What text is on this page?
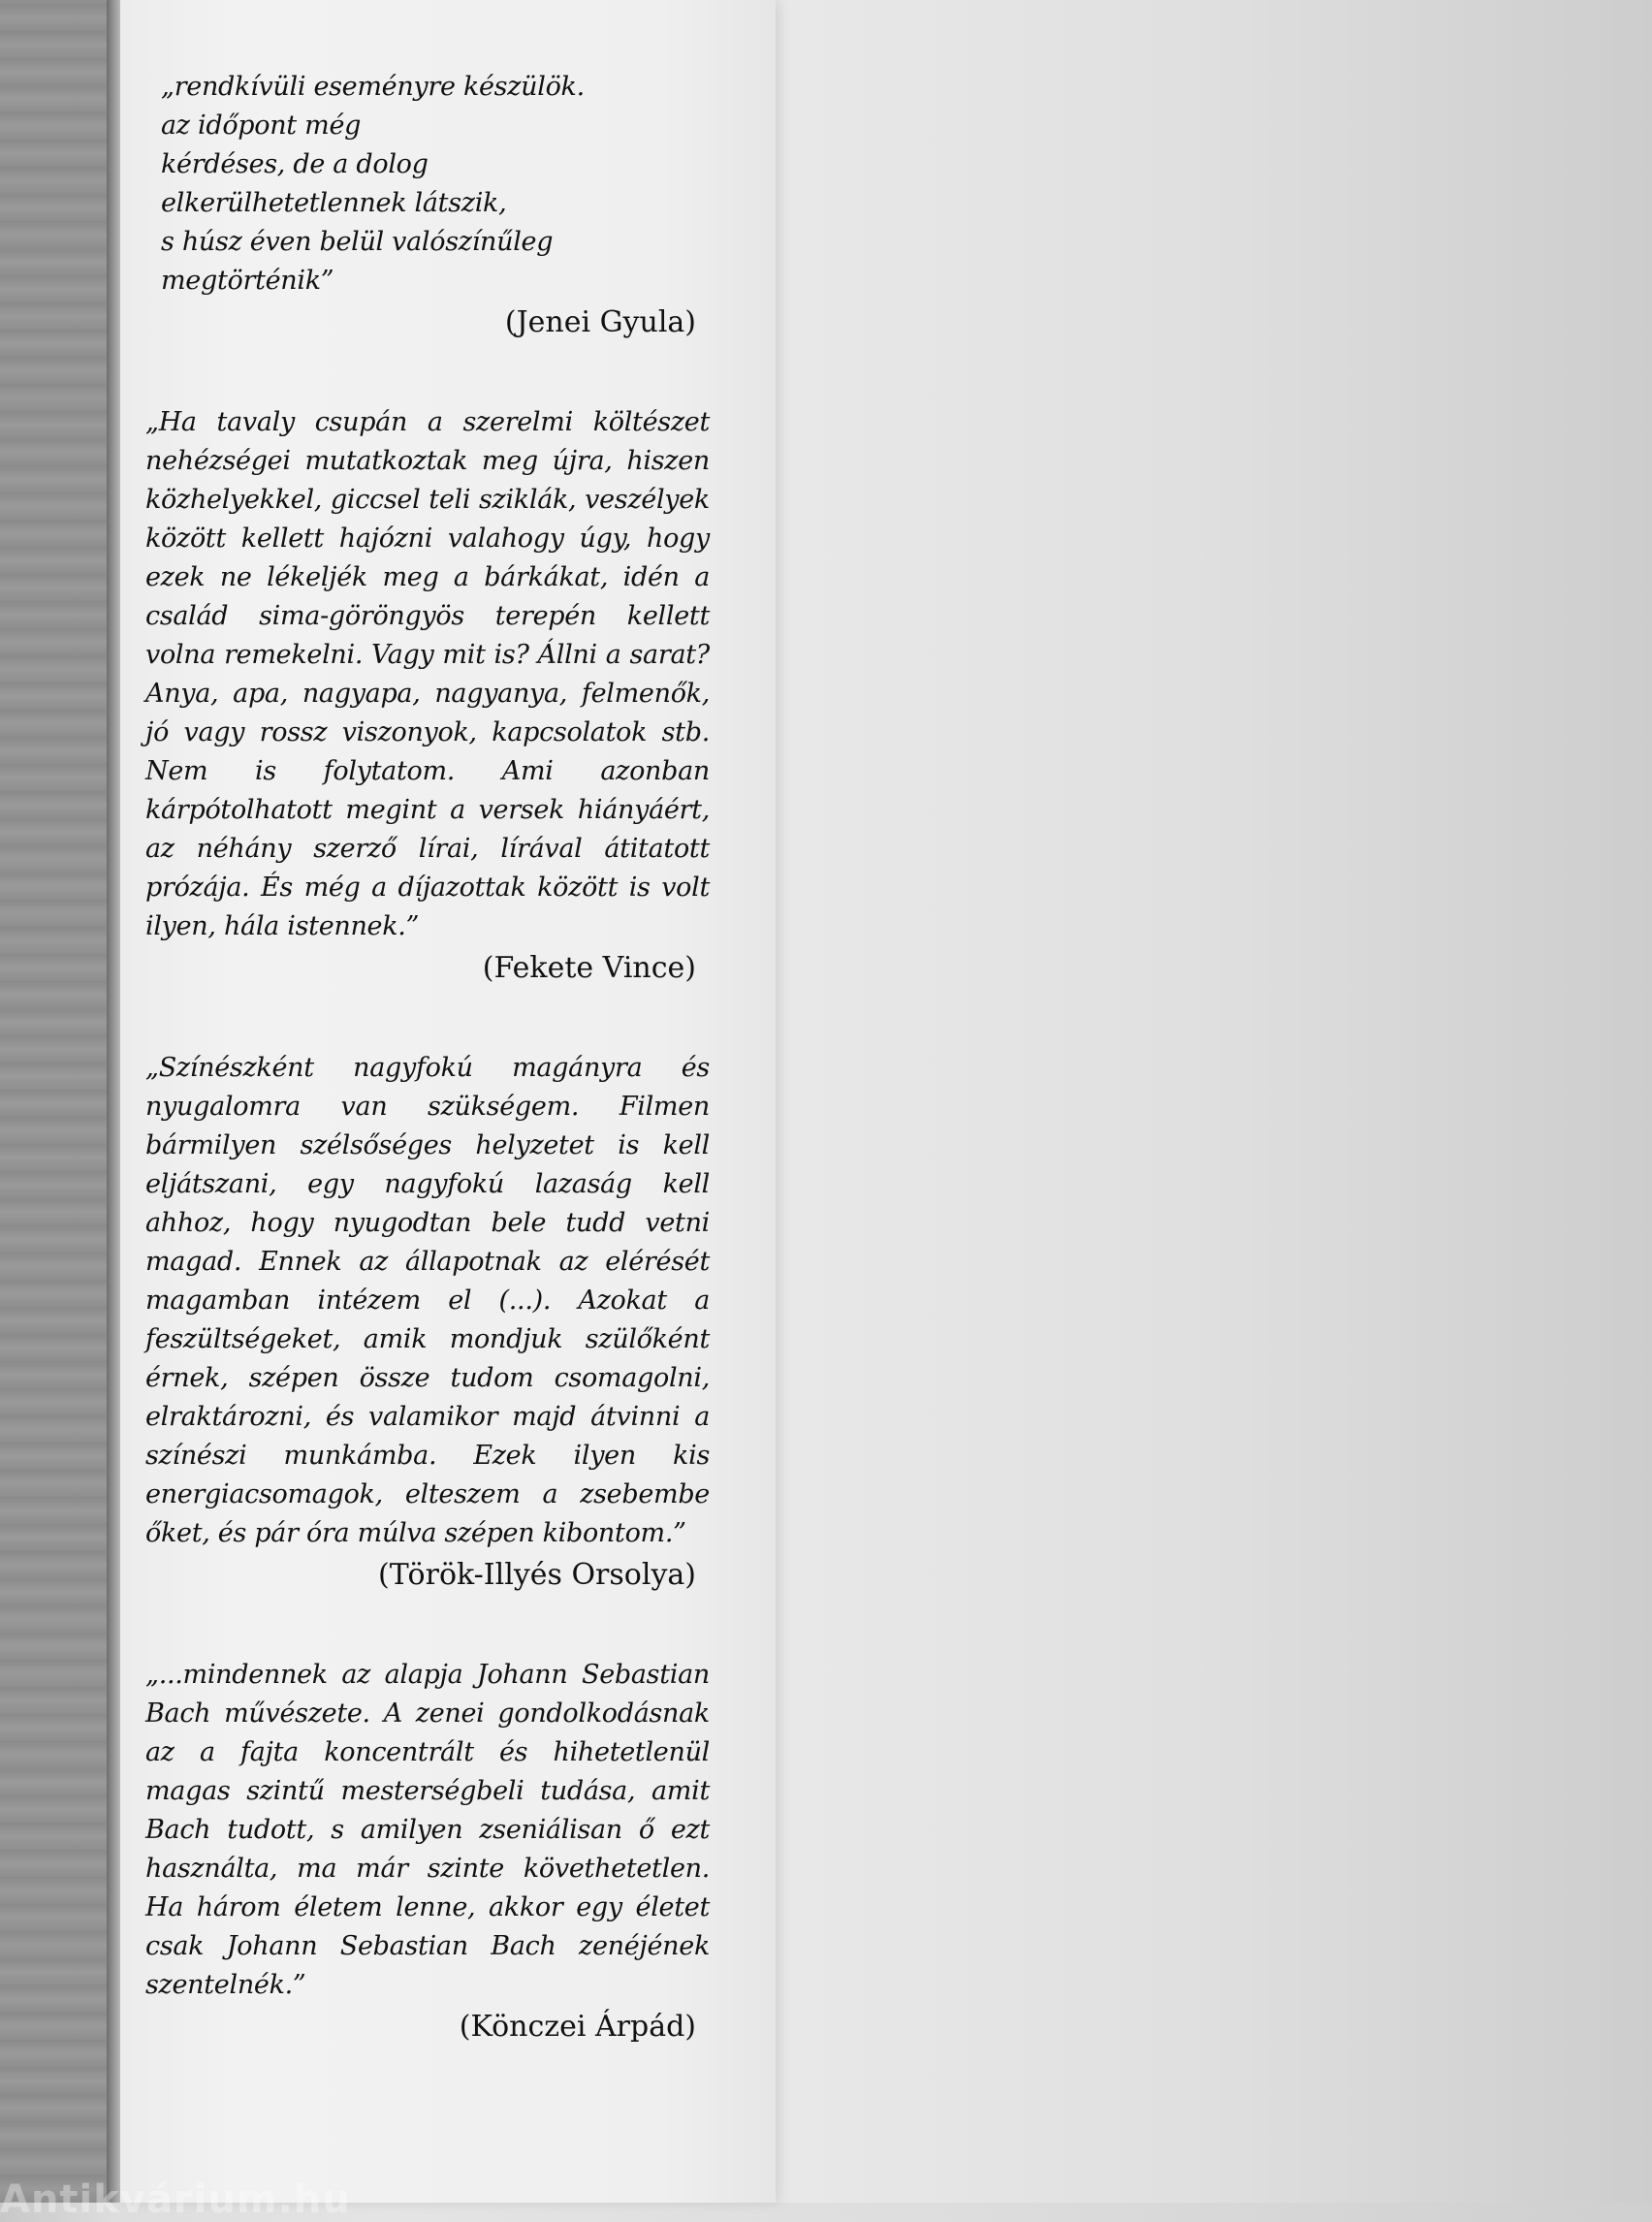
„rendkívüli eseményre készülök.
az időpont még
kérdéses, de a dolog
elkerülhetetlennek látszik,
s húsz éven belül valószínűleg
megtörténik”

(Jenei Gyula)

„Ha tavaly csupán a szerelmi költészet nehézségei mutatkoztak meg újra, hiszen közhelyekkel, giccsel teli sziklák, veszélyek között kellett hajózni valahogy úgy, hogy ezek ne lékeljék meg a bárkákat, idén a család sima-göröngyös terepén kellett volna remekelni. Vagy mit is? Állni a sarat? Anya, apa, nagyapa, nagyanya, felmenők, jó vagy rossz viszonyok, kapcsolatok stb. Nem is folytatom. Ami azonban kárpótolhatott megint a versek hiányáért, az néhány szerző lírai, lírával átitatott prózája. És még a díjazottak között is volt ilyen, hála istennek.”

(Fekete Vince)

„Színészként nagyfokú magányra és nyugalomra van szükségem. Filmen bármilyen szélsőséges helyzetet is kell eljátszani, egy nagyfokú lazaság kell ahhoz, hogy nyugodtan bele tudd vetni magad. Ennek az állapotnak az elérését magamban intézem el (...). Azokat a feszültségeket, amik mondjuk szülőként érnek, szépen össze tudom csomagolni, elraktározni, és valamikor majd átvinni a színészi munkámba. Ezek ilyen kis energiacsomagok, elteszem a zsebembe őket, és pár óra múlva szépen kibontom.”

(Török-Illyés Orsolya)

„...mindennek az alapja Johann Sebastian Bach művészete. A zenei gondolkodásnak az a fajta koncentrált és hihetetlenül magas szintű mesterségbeli tudása, amit Bach tudott, s amilyen zseniálisan ő ezt használta, ma már szinte követhetetlen. Ha három életem lenne, akkor egy életet csak Johann Sebastian Bach zenéjének szentelnék.”

(Könczei Árpád)
Antikvárium.hu
